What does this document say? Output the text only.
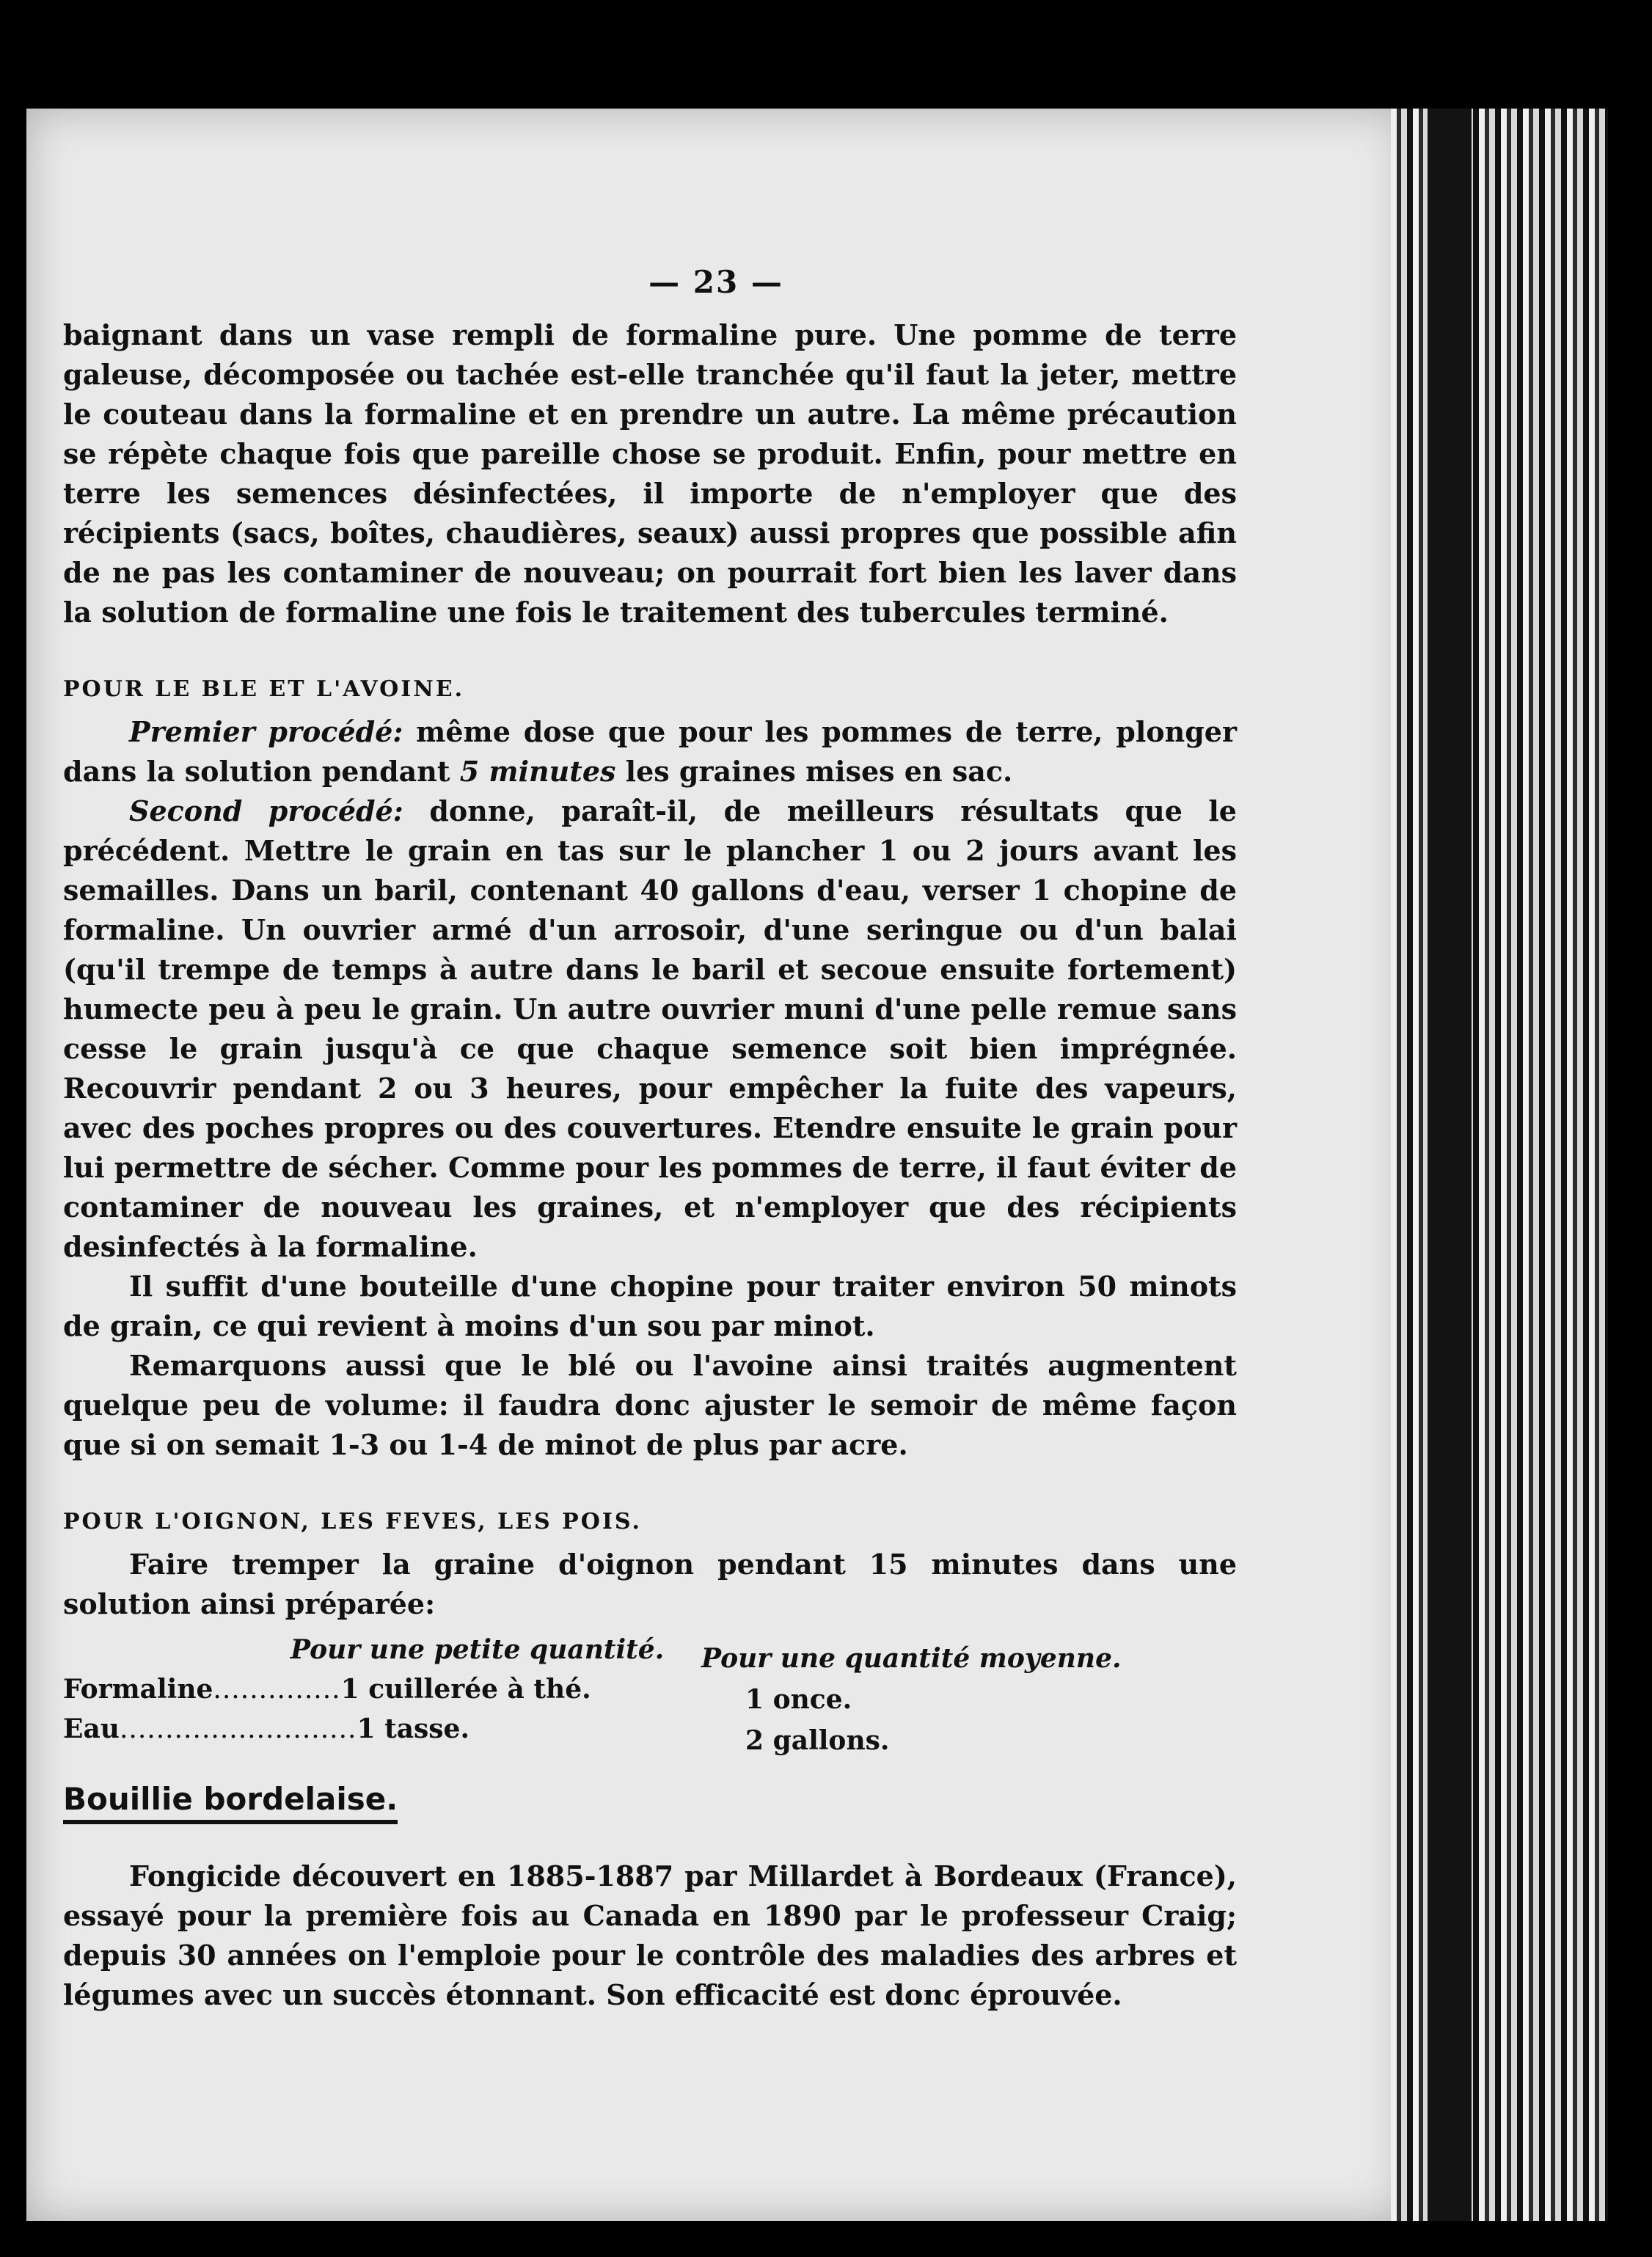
— 23 —

baignant dans un vase rempli de formaline pure. Une pomme de terre galeuse, décomposée ou tachée est-elle tranchée qu'il faut la jeter, mettre le couteau dans la formaline et en prendre un autre. La même précaution se répète chaque fois que pareille chose se produit. Enfin, pour mettre en terre les semences désinfectées, il importe de n'employer que des récipients (sacs, boîtes, chaudières, seaux) aussi propres que possible afin de ne pas les contaminer de nouveau; on pourrait fort bien les laver dans la solution de formaline une fois le traitement des tubercules terminé.

POUR LE BLE ET L'AVOINE.

Premier procédé: même dose que pour les pommes de terre, plonger dans la solution pendant 5 minutes les graines mises en sac.

Second procédé: donne, paraît-il, de meilleurs résultats que le précédent. Mettre le grain en tas sur le plancher 1 ou 2 jours avant les semailles. Dans un baril, contenant 40 gallons d'eau, verser 1 chopine de formaline. Un ouvrier armé d'un arrosoir, d'une seringue ou d'un balai (qu'il trempe de temps à autre dans le baril et secoue ensuite fortement) humecte peu à peu le grain. Un autre ouvrier muni d'une pelle remue sans cesse le grain jusqu'à ce que chaque semence soit bien imprégnée. Recouvrir pendant 2 ou 3 heures, pour empêcher la fuite des vapeurs, avec des poches propres ou des couvertures. Etendre ensuite le grain pour lui permettre de sécher. Comme pour les pommes de terre, il faut éviter de contaminer de nouveau les graines, et n'employer que des récipients desinfectés à la formaline.

Il suffit d'une bouteille d'une chopine pour traiter environ 50 minots de grain, ce qui revient à moins d'un sou par minot.

Remarquons aussi que le blé ou l'avoine ainsi traités augmentent quelque peu de volume: il faudra donc ajuster le semoir de même façon que si on semait 1-3 ou 1-4 de minot de plus par acre.

POUR L'OIGNON, LES FEVES, LES POIS.

Faire tremper la graine d'oignon pendant 15 minutes dans une solution ainsi préparée:

Pour une petite quantité. Pour une quantité moyenne.
Formaline..............1 cuillerée à thé.
Eau..........................1 tasse.
1 once.
2 gallons.
Bouillie bordelaise.

Fongicide découvert en 1885-1887 par Millardet à Bordeaux (France), essayé pour la première fois au Canada en 1890 par le professeur Craig; depuis 30 années on l'emploie pour le contrôle des maladies des arbres et légumes avec un succès étonnant. Son efficacité est donc éprouvée.
